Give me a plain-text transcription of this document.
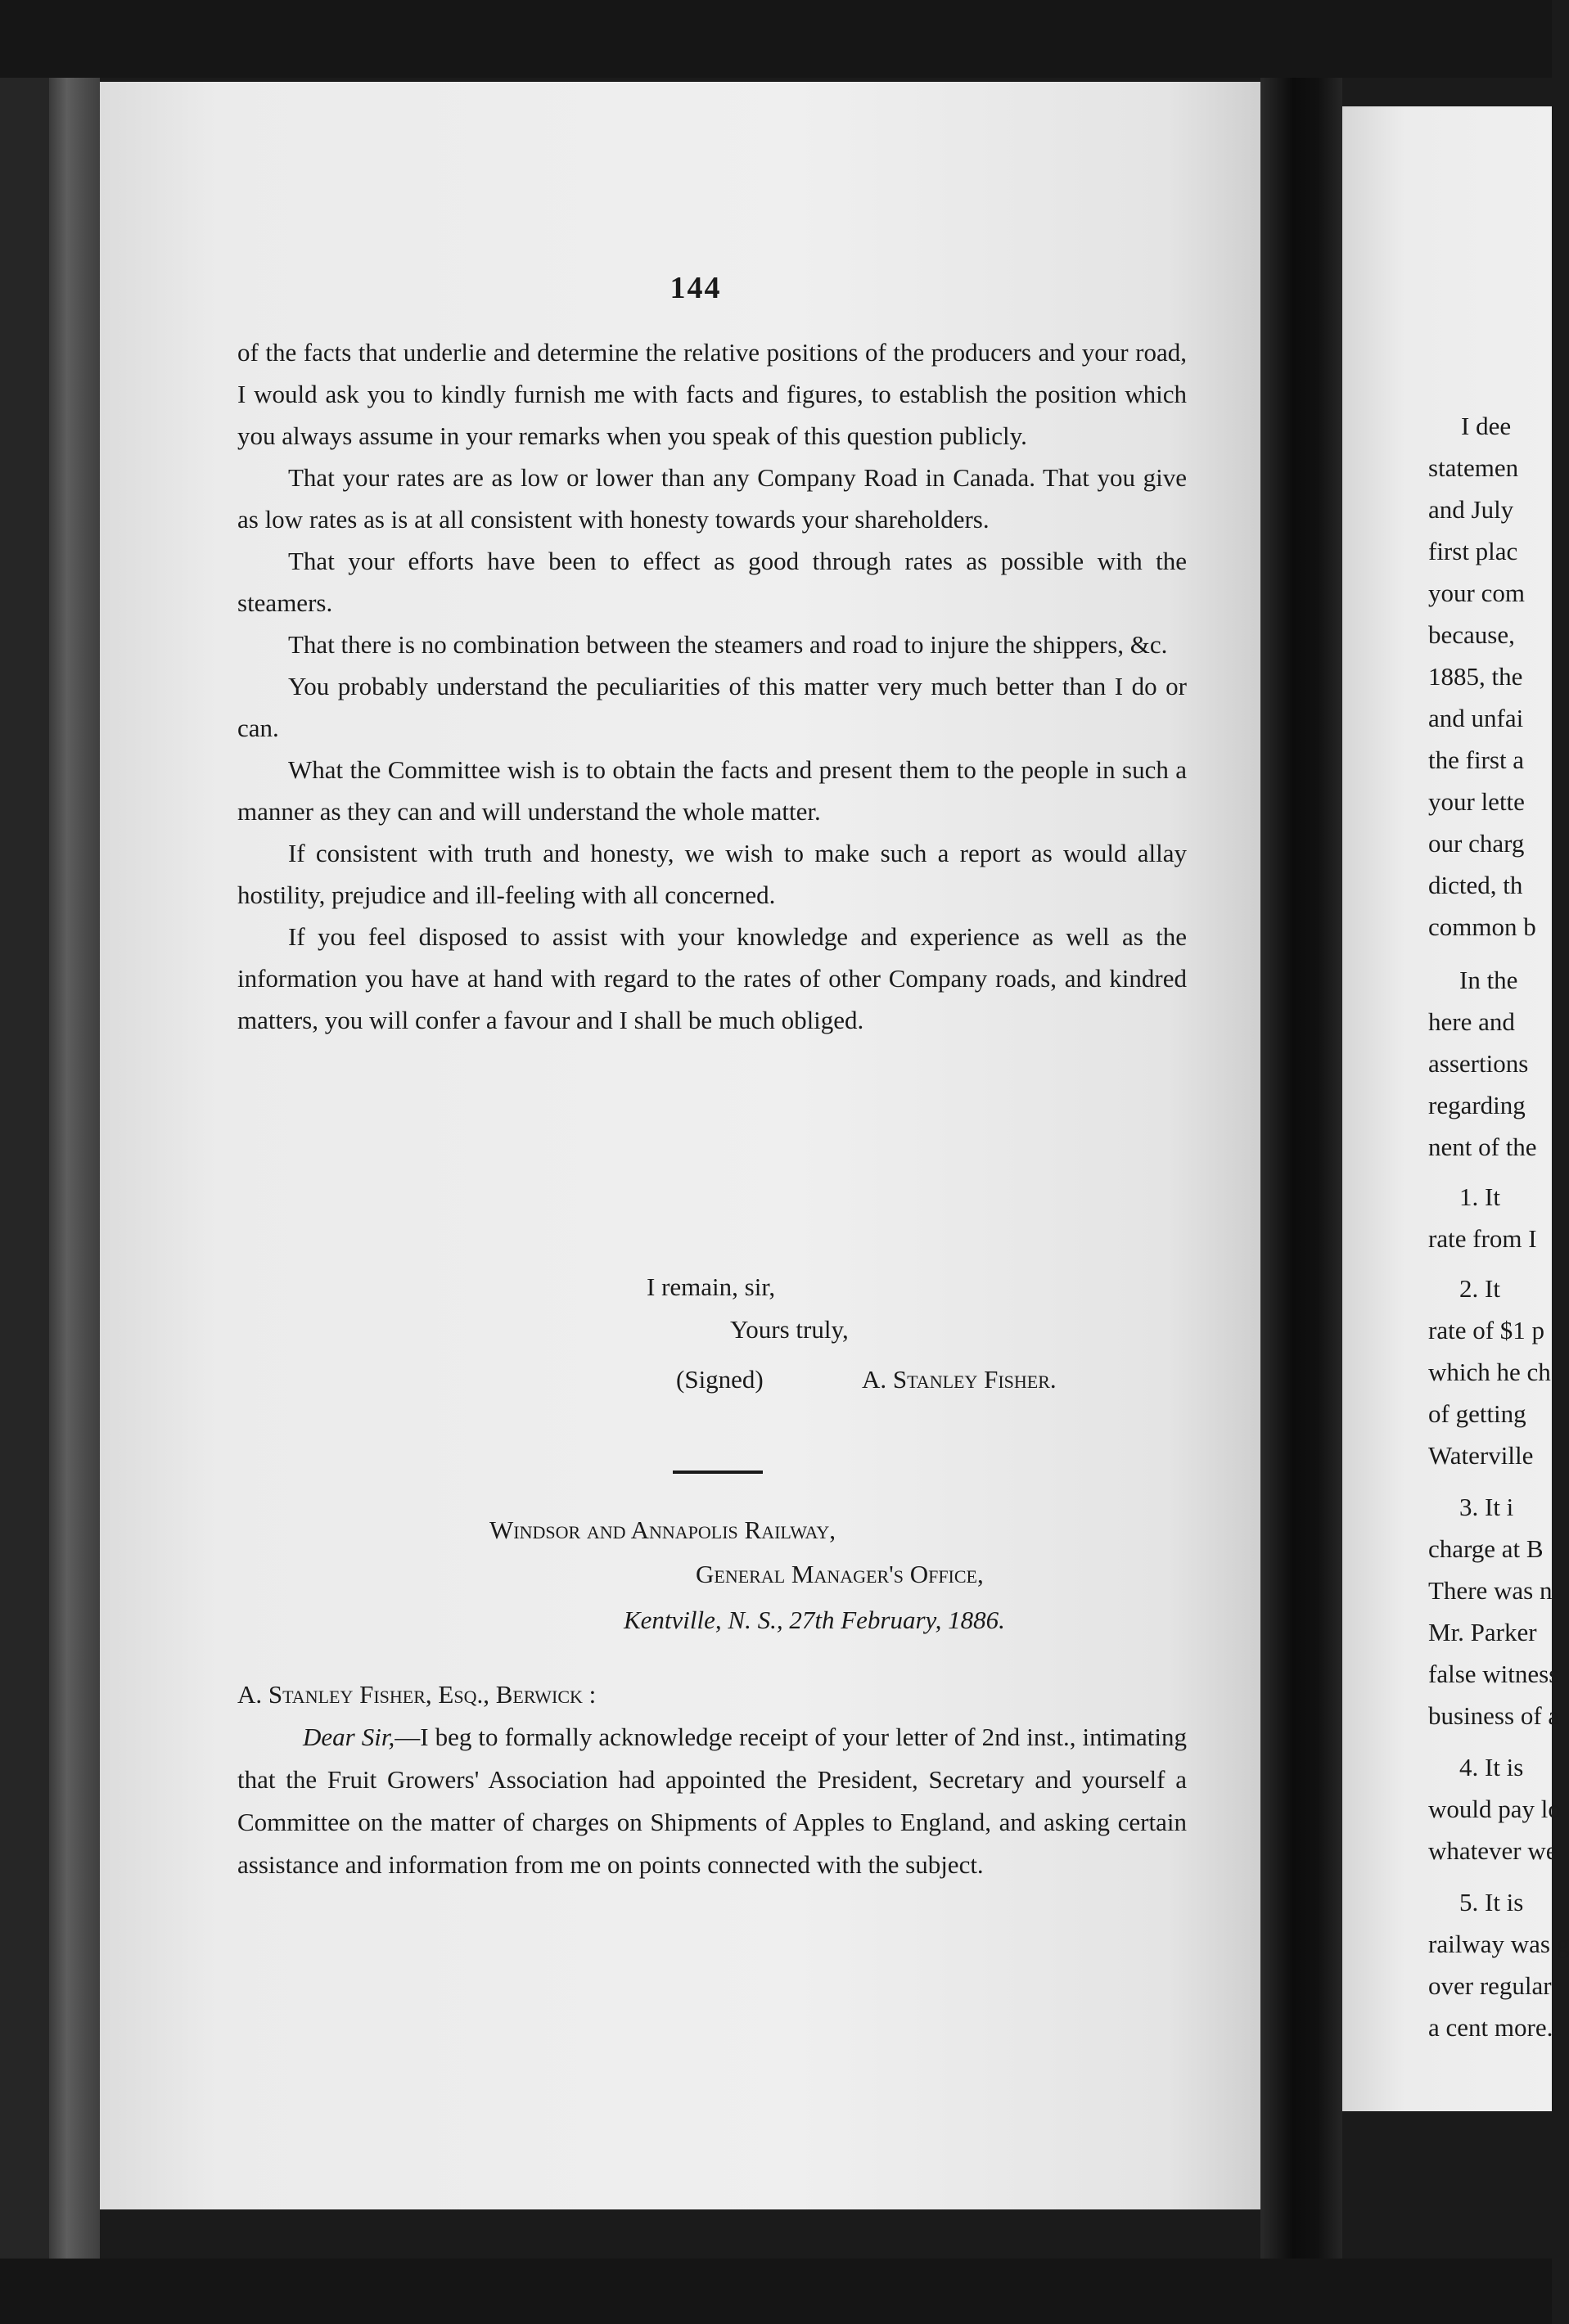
144

of the facts that underlie and determine the relative positions of the producers and your road, I would ask you to kindly furnish me with facts and figures, to establish the position which you always assume in your remarks when you speak of this question publicly.

That your rates are as low or lower than any Company Road in Canada. That you give as low rates as is at all consistent with honesty towards your shareholders.

That your efforts have been to effect as good through rates as possible with the steamers.

That there is no combination between the steamers and road to injure the shippers, &c.

You probably understand the peculiarities of this matter very much better than I do or can.

What the Committee wish is to obtain the facts and present them to the people in such a manner as they can and will understand the whole matter.

If consistent with truth and honesty, we wish to make such a report as would allay hostility, prejudice and ill-feeling with all concerned.

If you feel disposed to assist with your knowledge and experience as well as the information you have at hand with regard to the rates of other Company roads, and kindred matters, you will confer a favour and I shall be much obliged.

I remain, sir,
Yours truly,
(Signed)	A. Stanley Fisher.
Windsor and Annapolis Railway,
General Manager's Office,
Kentville, N. S., 27th February, 1886.

A. Stanley Fisher, Esq., Berwick :

Dear Sir,—I beg to formally acknowledge receipt of your letter of 2nd inst., intimating that the Fruit Growers' Association had appointed the President, Secretary and yourself a Committee on the matter of charges on Shipments of Apples to England, and asking certain assistance and information from me on points connected with the subject.

I dee
statemen
and July
first plac
your com
because,
1885, the
and unfai
the first a
your lette
our charg
dicted, th
common b
In the
here and
assertions
regarding
nent of the
1. It
rate from I
2. It
rate of $1 p
which he ch
of getting
Waterville
3. It i
charge at B
There was n
Mr. Parker
false witness
business of a
4. It is
would pay lo
whatever we
5. It is
railway was g
over regular
a cent more.
